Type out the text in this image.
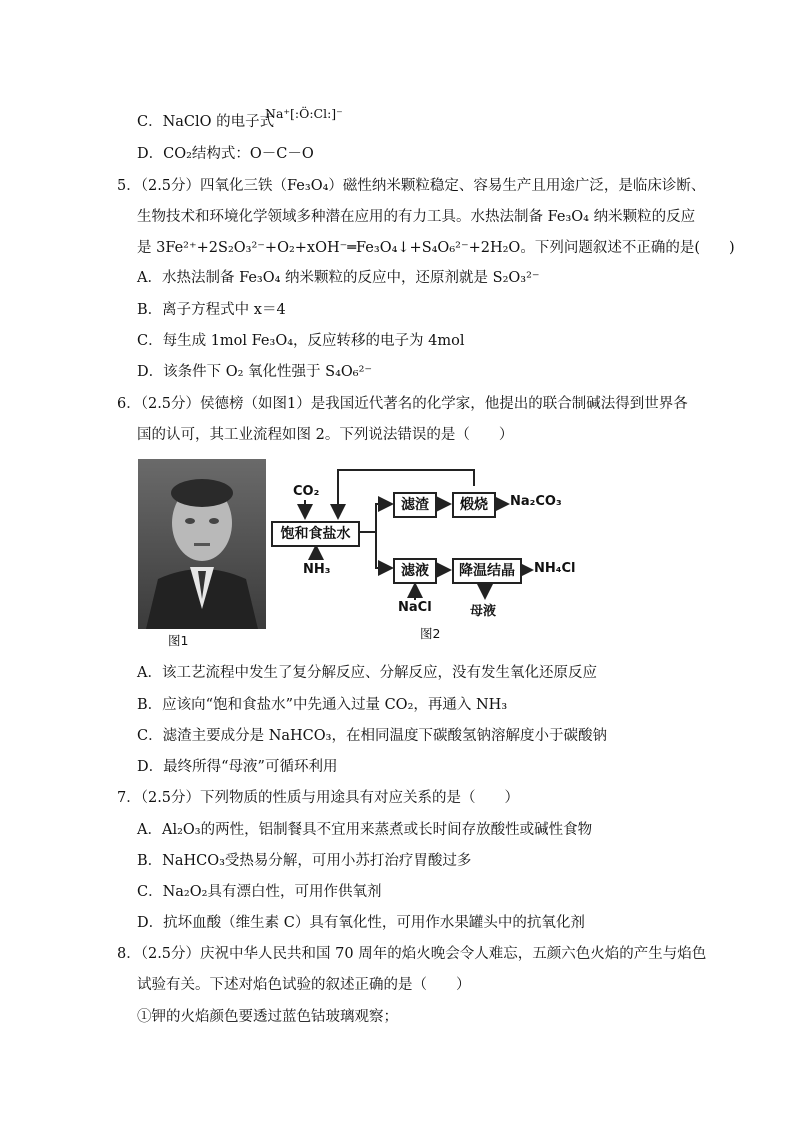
C．NaClO 的电子式
Na⁺[:Ö:Cl:]⁻
D．CO₂结构式：O－C－O
5．（2.5分）四氧化三铁（Fe₃O₄）磁性纳米颗粒稳定、容易生产且用途广泛，是临床诊断、
生物技术和环境化学领域多种潜在应用的有力工具。水热法制备 Fe₃O₄ 纳米颗粒的反应
是 3Fe²⁺+2S₂O₃²⁻+O₂+xOH⁻═Fe₃O₄↓+S₄O₆²⁻+2H₂O。下列问题叙述不正确的是(　　)
A．水热法制备 Fe₃O₄ 纳米颗粒的反应中，还原剂就是 S₂O₃²⁻
B．离子方程式中 x＝4
C．每生成 1mol Fe₃O₄，反应转移的电子为 4mol
D．该条件下 O₂ 氧化性强于 S₄O₆²⁻
6．（2.5分）侯德榜（如图1）是我国近代著名的化学家，他提出的联合制碱法得到世界各
国的认可，其工业流程如图 2。下列说法错误的是（　　）
图1
饱和食盐水
滤渣	煅烧
滤液	降温结晶
CO₂
NH₃
NaCl
Na₂CO₃
NH₄Cl
母液
图2
A．该工艺流程中发生了复分解反应、分解反应，没有发生氧化还原反应
B．应该向“饱和食盐水”中先通入过量 CO₂，再通入 NH₃
C．滤渣主要成分是 NaHCO₃，在相同温度下碳酸氢钠溶解度小于碳酸钠
D．最终所得“母液”可循环利用
7．（2.5分）下列物质的性质与用途具有对应关系的是（　　）
A．Al₂O₃的两性，铝制餐具不宜用来蒸煮或长时间存放酸性或碱性食物
B．NaHCO₃受热易分解，可用小苏打治疗胃酸过多
C．Na₂O₂具有漂白性，可用作供氧剂
D．抗坏血酸（维生素 C）具有氧化性，可用作水果罐头中的抗氧化剂
8．（2.5分）庆祝中华人民共和国 70 周年的焰火晚会令人难忘，五颜六色火焰的产生与焰色
试验有关。下述对焰色试验的叙述正确的是（　　）
①钾的火焰颜色要透过蓝色钴玻璃观察；
